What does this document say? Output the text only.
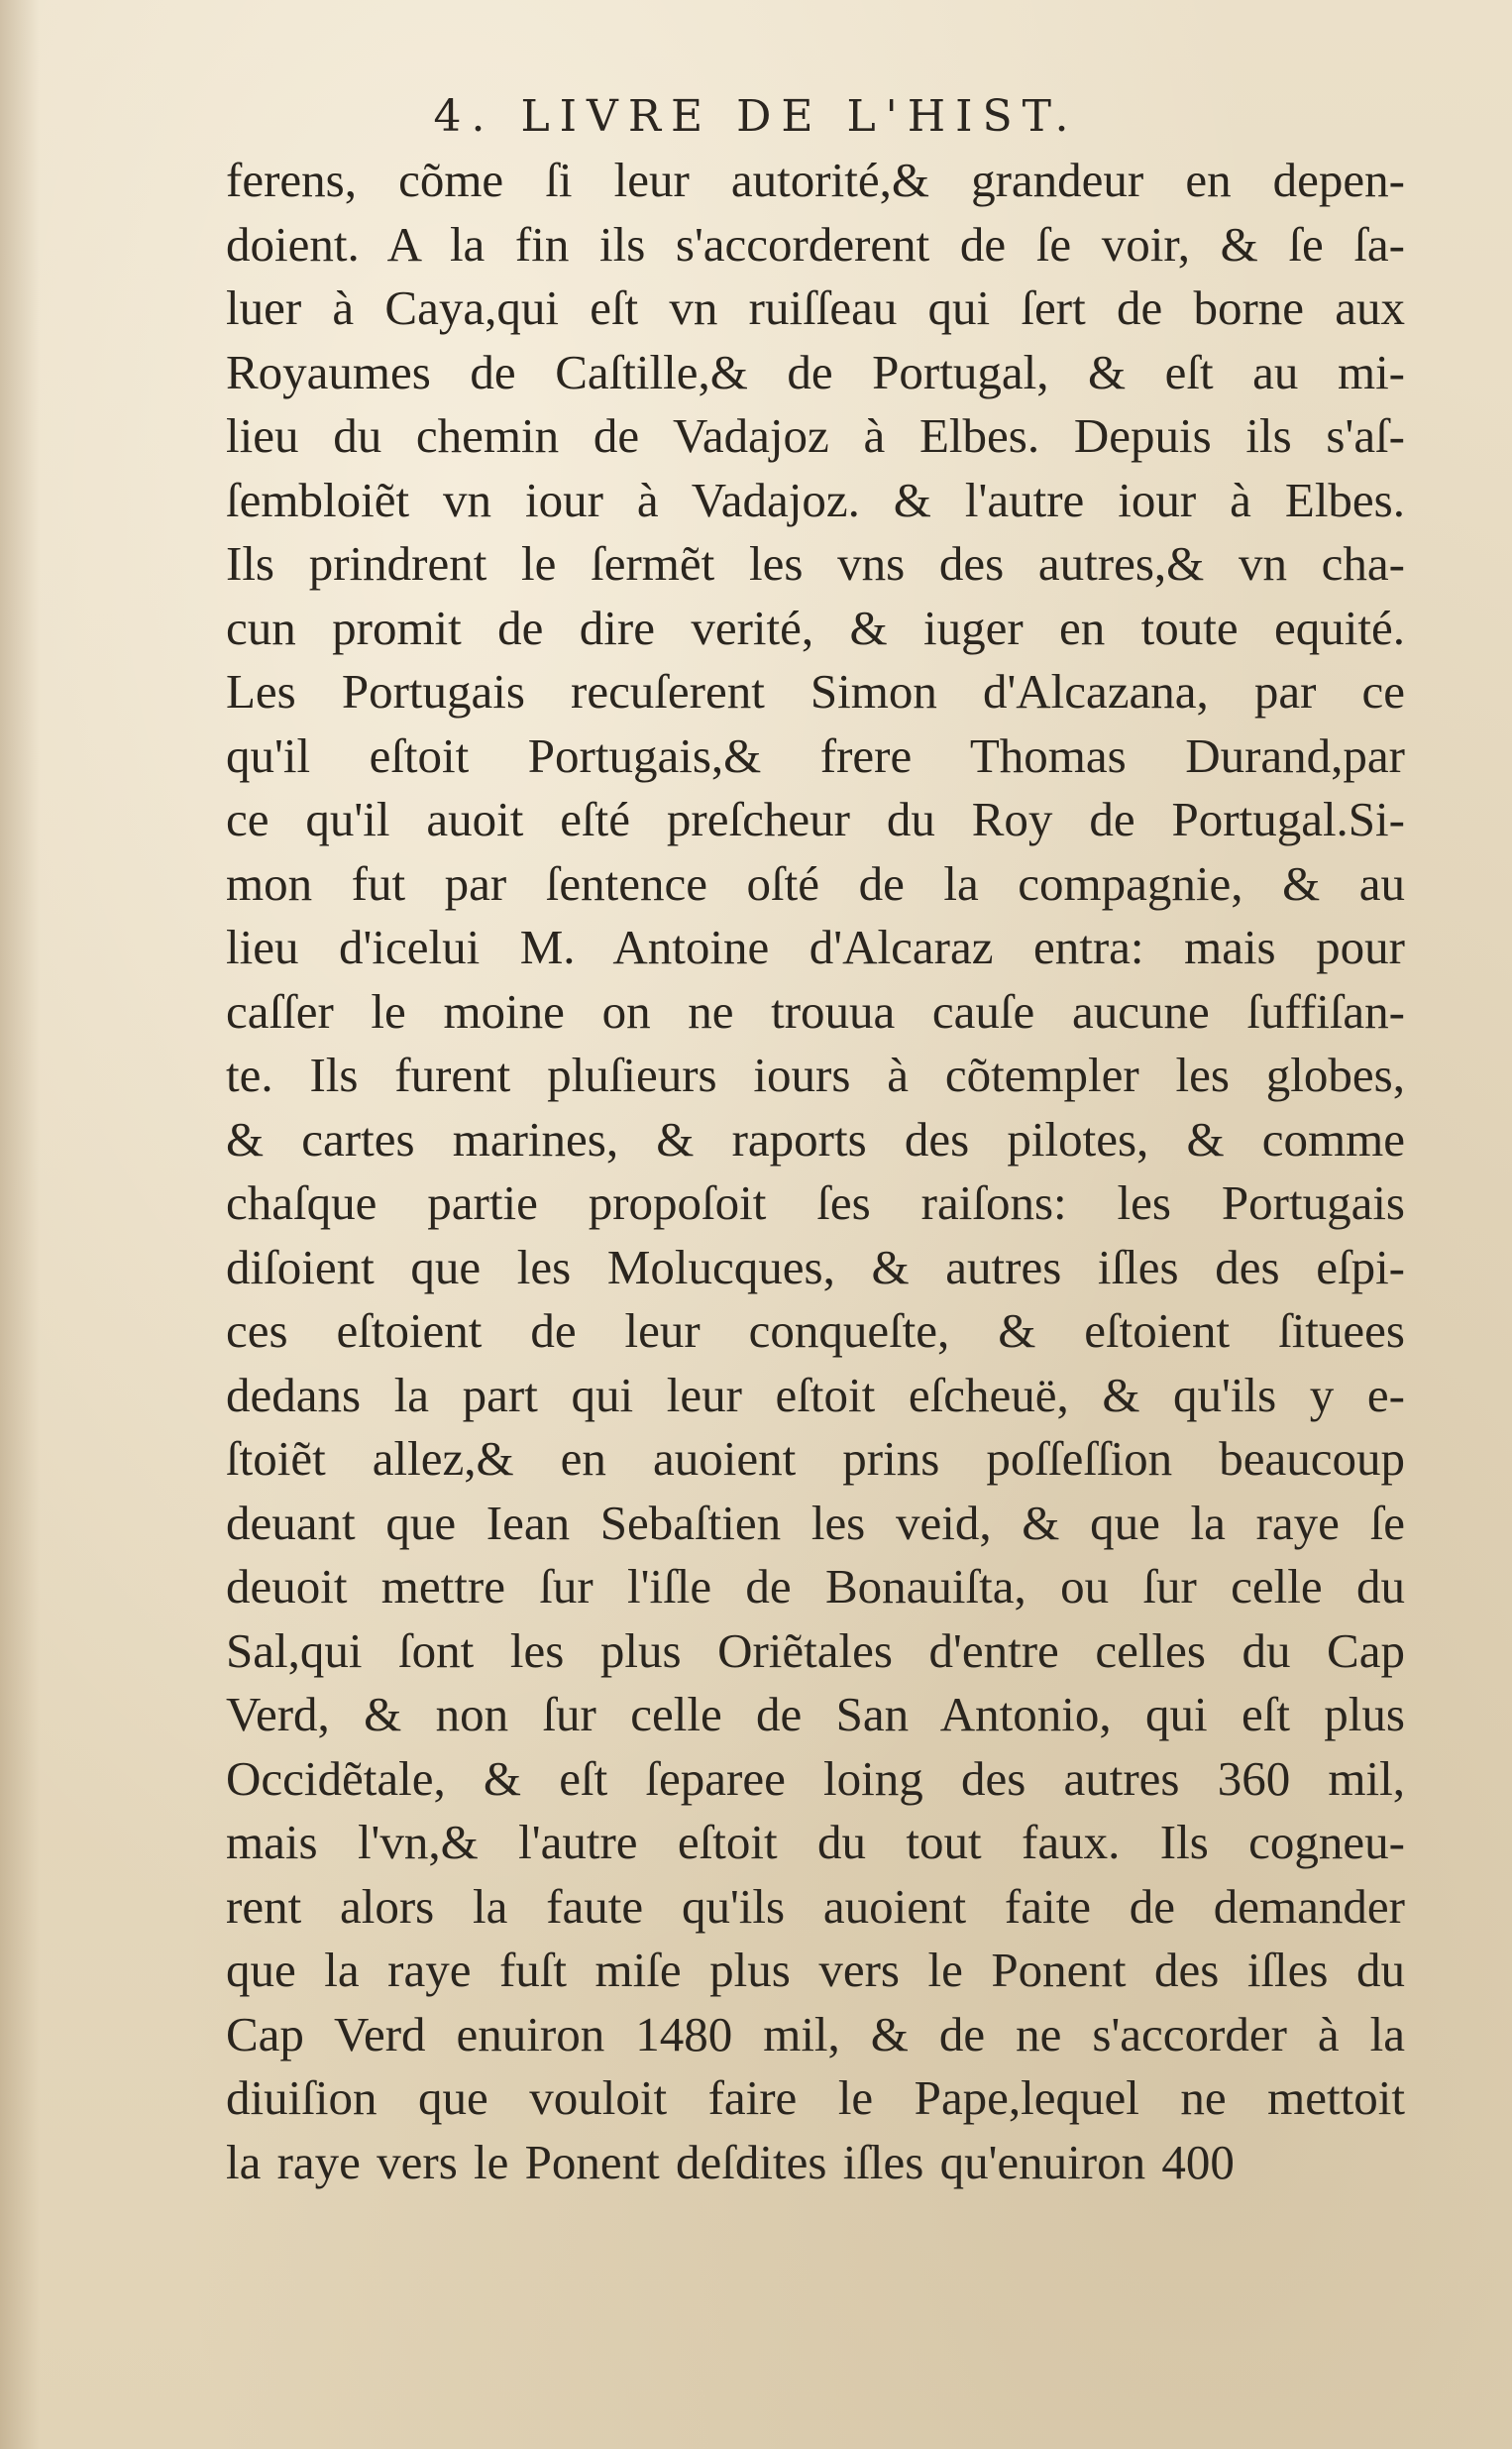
4. LIVRE DE L'HIST.
ferens, cõme ſi leur autorité,& grandeur en depen-
doient. A la fin ils s'accorderent de ſe voir, & ſe ſa-
luer à Caya,qui eſt vn ruiſſeau qui ſert de borne aux
Royaumes de Caſtille,& de Portugal, & eſt au mi-
lieu du chemin de Vadajoz à Elbes. Depuis ils s'aſ-
ſembloiẽt vn iour à Vadajoz. & l'autre iour à Elbes.
Ils prindrent le ſermẽt les vns des autres,& vn cha-
cun promit de dire verité, & iuger en toute equité.
Les Portugais recuſerent Simon d'Alcazana, par ce
qu'il eſtoit Portugais,& frere Thomas Durand,par
ce qu'il auoit eſté preſcheur du Roy de Portugal.Si-
mon fut par ſentence oſté de la compagnie, & au
lieu d'icelui M. Antoine d'Alcaraz entra: mais pour
caſſer le moine on ne trouua cauſe aucune ſuffiſan-
te. Ils furent pluſieurs iours à cõtempler les globes,
& cartes marines, & raports des pilotes, & comme
chaſque partie propoſoit ſes raiſons: les Portugais
diſoient que les Molucques, & autres iſles des eſpi-
ces eſtoient de leur conqueſte, & eſtoient ſituees
dedans la part qui leur eſtoit eſcheuë, & qu'ils y e-
ſtoiẽt allez,& en auoient prins poſſeſſion beaucoup
deuant que Iean Sebaſtien les veid, & que la raye ſe
deuoit mettre ſur l'iſle de Bonauiſta, ou ſur celle du
Sal,qui ſont les plus Oriẽtales d'entre celles du Cap
Verd, & non ſur celle de San Antonio, qui eſt plus
Occidẽtale, & eſt ſeparee loing des autres 360 mil,
mais l'vn,& l'autre eſtoit du tout faux. Ils cogneu-
rent alors la faute qu'ils auoient faite de demander
que la raye fuſt miſe plus vers le Ponent des iſles du
Cap Verd enuiron 1480 mil, & de ne s'accorder à la
diuiſion que vouloit faire le Pape,lequel ne mettoit
la raye vers le Ponent deſdites iſles qu'enuiron 400
